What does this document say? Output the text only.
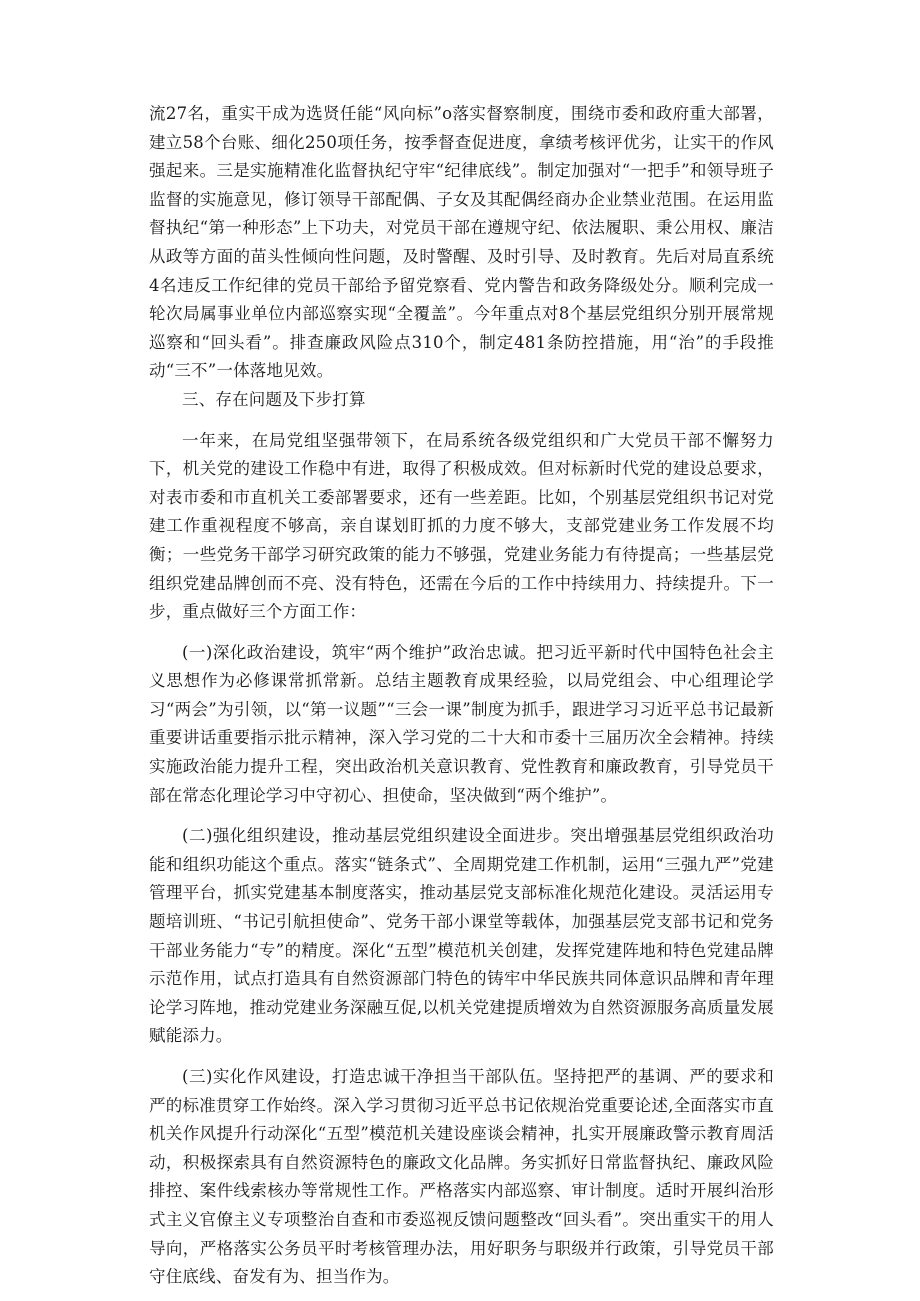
流27名，重实干成为选贤任能“风向标”o落实督察制度，围绕市委和政府重大部署，建立58个台账、细化250项任务，按季督查促进度，拿绩考核评优劣，让实干的作风强起来。三是实施精准化监督执纪守牢“纪律底线”。制定加强对“一把手”和领导班子监督的实施意见，修订领导干部配偶、子女及其配偶经商办企业禁业范围。在运用监督执纪“第一种形态”上下功夫，对党员干部在遵规守纪、依法履职、秉公用权、廉洁从政等方面的苗头性倾向性问题，及时警醒、及时引导、及时教育。先后对局直系统4名违反工作纪律的党员干部给予留党察看、党内警告和政务降级处分。顺利完成一轮次局属事业单位内部巡察实现“全覆盖”。今年重点对8个基层党组织分别开展常规巡察和“回头看”。排查廉政风险点310个，制定481条防控措施，用“治”的手段推动“三不”一体落地见效。

三、存在问题及下步打算

一年来，在局党组坚强带领下，在局系统各级党组织和广大党员干部不懈努力下，机关党的建设工作稳中有进，取得了积极成效。但对标新时代党的建设总要求，对表市委和市直机关工委部署要求，还有一些差距。比如，个别基层党组织书记对党建工作重视程度不够高，亲自谋划盯抓的力度不够大，支部党建业务工作发展不均衡；一些党务干部学习研究政策的能力不够强，党建业务能力有待提高；一些基层党组织党建品牌创而不亮、没有特色，还需在今后的工作中持续用力、持续提升。下一步，重点做好三个方面工作：

(一)深化政治建设，筑牢“两个维护”政治忠诚。把习近平新时代中国特色社会主义思想作为必修课常抓常新。总结主题教育成果经验，以局党组会、中心组理论学习“两会”为引领，以“第一议题”“三会一课”制度为抓手，跟进学习习近平总书记最新重要讲话重要指示批示精神，深入学习党的二十大和市委十三届历次全会精神。持续实施政治能力提升工程，突出政治机关意识教育、党性教育和廉政教育，引导党员干部在常态化理论学习中守初心、担使命，坚决做到“两个维护”。

(二)强化组织建设，推动基层党组织建设全面进步。突出增强基层党组织政治功能和组织功能这个重点。落实“链条式”、全周期党建工作机制，运用“三强九严”党建管理平台，抓实党建基本制度落实，推动基层党支部标准化规范化建设。灵活运用专题培训班、“书记引航担使命”、党务干部小课堂等载体，加强基层党支部书记和党务干部业务能力“专”的精度。深化“五型”模范机关创建，发挥党建阵地和特色党建品牌示范作用，试点打造具有自然资源部门特色的铸牢中华民族共同体意识品牌和青年理论学习阵地，推动党建业务深融互促,以机关党建提质增效为自然资源服务高质量发展赋能添力。

(三)实化作风建设，打造忠诚干净担当干部队伍。坚持把严的基调、严的要求和严的标准贯穿工作始终。深入学习贯彻习近平总书记依规治党重要论述,全面落实市直机关作风提升行动深化“五型”模范机关建设座谈会精神，扎实开展廉政警示教育周活动，积极探索具有自然资源特色的廉政文化品牌。务实抓好日常监督执纪、廉政风险排控、案件线索核办等常规性工作。严格落实内部巡察、审计制度。适时开展纠治形式主义官僚主义专项整治自查和市委巡视反馈问题整改“回头看”。突出重实干的用人导向，严格落实公务员平时考核管理办法，用好职务与职级并行政策，引导党员干部守住底线、奋发有为、担当作为。
